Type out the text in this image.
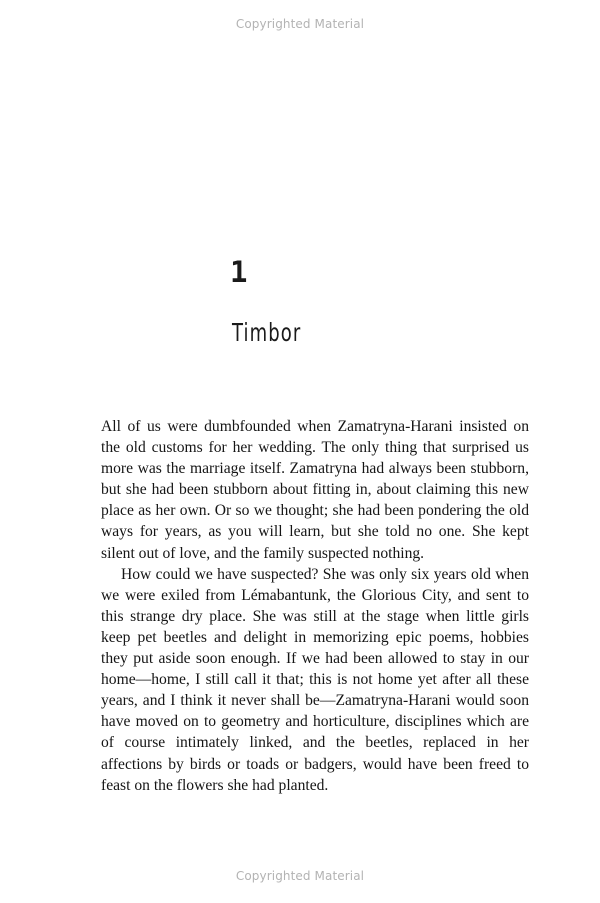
Copyrighted Material
1
Timbor

All of us were dumbfounded when Zamatryna-Harani insisted on the old customs for her wedding. The only thing that surprised us more was the marriage itself. Zamatryna had always been stubborn, but she had been stubborn about fitting in, about claiming this new place as her own. Or so we thought; she had been pondering the old ways for years, as you will learn, but she told no one. She kept silent out of love, and the family suspected nothing.

How could we have suspected? She was only six years old when we were exiled from Lémabantunk, the Glorious City, and sent to this strange dry place. She was still at the stage when little girls keep pet beetles and delight in memorizing epic poems, hobbies they put aside soon enough. If we had been allowed to stay in our home—home, I still call it that; this is not home yet after all these years, and I think it never shall be—Zamatryna-Harani would soon have moved on to geometry and horticulture, disciplines which are of course intimately linked, and the beetles, replaced in her affections by birds or toads or badgers, would have been freed to feast on the flowers she had planted.

Copyrighted Material
